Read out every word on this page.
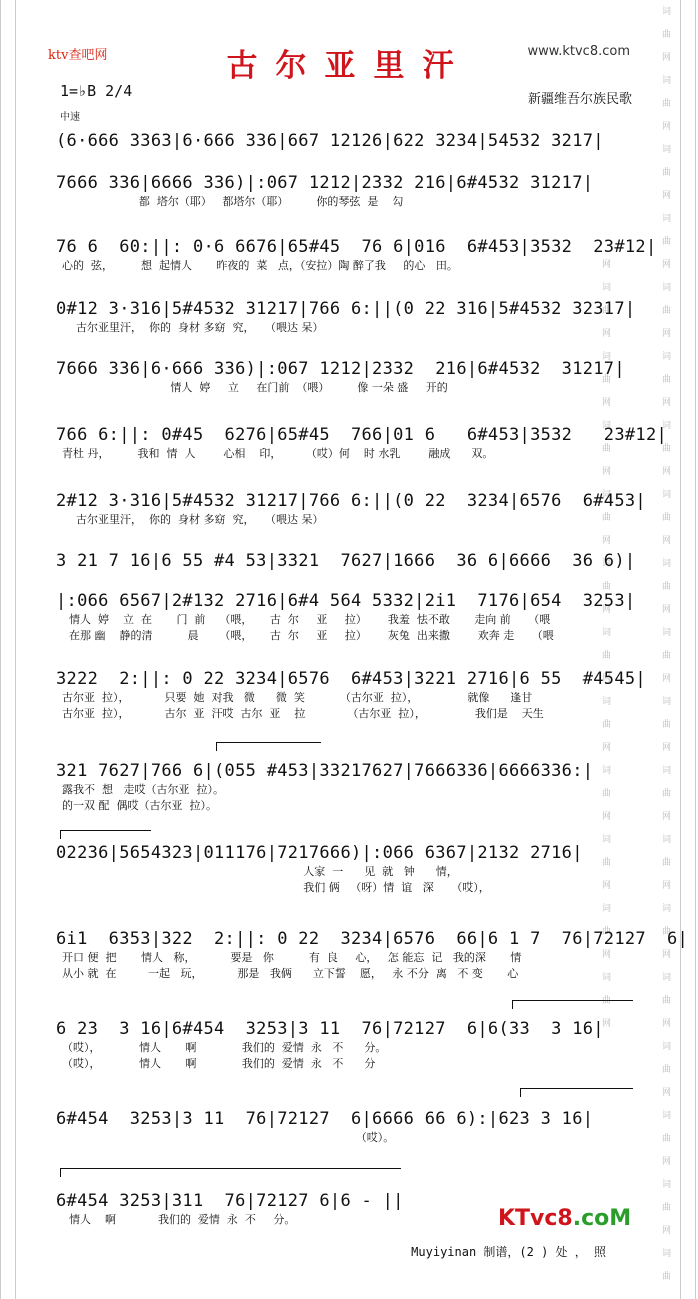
词曲网词曲网词曲网词曲网词曲网词曲网词曲网词曲网词曲网词曲网词曲网词曲网词曲网词曲网词曲网词曲网词曲网词曲网词曲网词曲网词曲网词曲网词曲网词曲网词曲网词曲网词曲网词曲网词曲网词曲网
ktv查吧网	古尔亚里汗	www.ktvc8.com
1=♭B 2/4
中速
新疆维吾尔族民歌
(6·666 3363|6·666 336|667 12126|622 3234|54532 3217|
7666 336|6666 336)|:067 1212|2332 216|6#4532 31217|
都  塔尔（耶）   都塔尔（耶）        你的琴弦  是    勾
76 6  60:||: 0·6 6676|65#45  76 6|016  6#453|3532  23#12|
心的  弦，        想  起情人       昨夜的  菜   点，（安拉）陶 醉了我     的心   田。
0#12 3·316|5#4532 31217|766 6:||(0 22 316|5#4532 32317|
古尔亚里汗，  你的  身材 多窈  究，   （喂达 呆）
7666 336|6·666 336)|:067 1212|2332  216|6#4532  31217|
情人  婷     立     在门前  （喂）        像 一朵 盛     开的
766 6:||: 0#45  6276|65#45  766|01 6   6#453|3532   23#12|
青杜 丹，        我和  情  人        心相    印，       （哎）何    时 水乳        融成      双。
2#12 3·316|5#4532 31217|766 6:||(0 22  3234|6576  6#453|
古尔亚里汗，  你的  身材 多窈  究，   （喂达 呆）
3 21 7 16|6 55 #4 53|3321  7627|1666  36 6|6666  36 6)|
|:066 6567|2#132 2716|6#4 564 5332|2i1  7176|654  3253|
情人  婷    立  在       门  前    （喂，     古  尔     亚     拉）      我羞  怯不敢       走向 前     （喂
在那 幽    静的清          晨      （喂，     古  尔     亚     拉）      灰兔  出来撒        欢奔 走     （喂
3222  2:||: 0 22 3234|6576  6#453|3221 2716|6 55  #4545|
古尔亚  拉），          只要  她  对我   微      微  笑          （古尔亚  拉），              就像      逢甘
古尔亚  拉），          古尔  亚  汗哎  古尔  亚    拉            （古尔亚  拉），              我们是    天生
321 7627|766 6|(055 #453|33217627|7666336|6666336:|
露我不  想   走哎（古尔亚  拉）。
的一双 配  偶哎（古尔亚  拉）。
02236|5654323|011176|7217666)|:066 6367|2132 2716|
人家  一      见  就   钟      情，
我们 俩   （呀）情  谊   深     （哎），
6i1  6353|322  2:||: 0 22  3234|6576  66|6 1 7  76|72127  6|
开口 便  把       情人   称，          要是   你          有  良     心，   怎 能忘  记   我的深       情
从小 就  在         一起   玩，          那是   我俩      立下誓    愿，   永 不分  离   不 变       心
6 23  3 16|6#454  3253|3 11  76|72127  6|6(33  3 16|
（哎），           情人       啊             我们的  爱情  永   不      分。
（哎），           情人       啊             我们的  爱情  永   不      分
6#454  3253|3 11  76|72127  6|6666 66 6):|623 3 16|
（哎）。
6#454 3253|311  76|72127 6|6 - ||
情人    啊            我们的  爱情  永  不     分。	KTvc8.coM
Muyiyinan 制谱，(2 ) 处 ， 照
